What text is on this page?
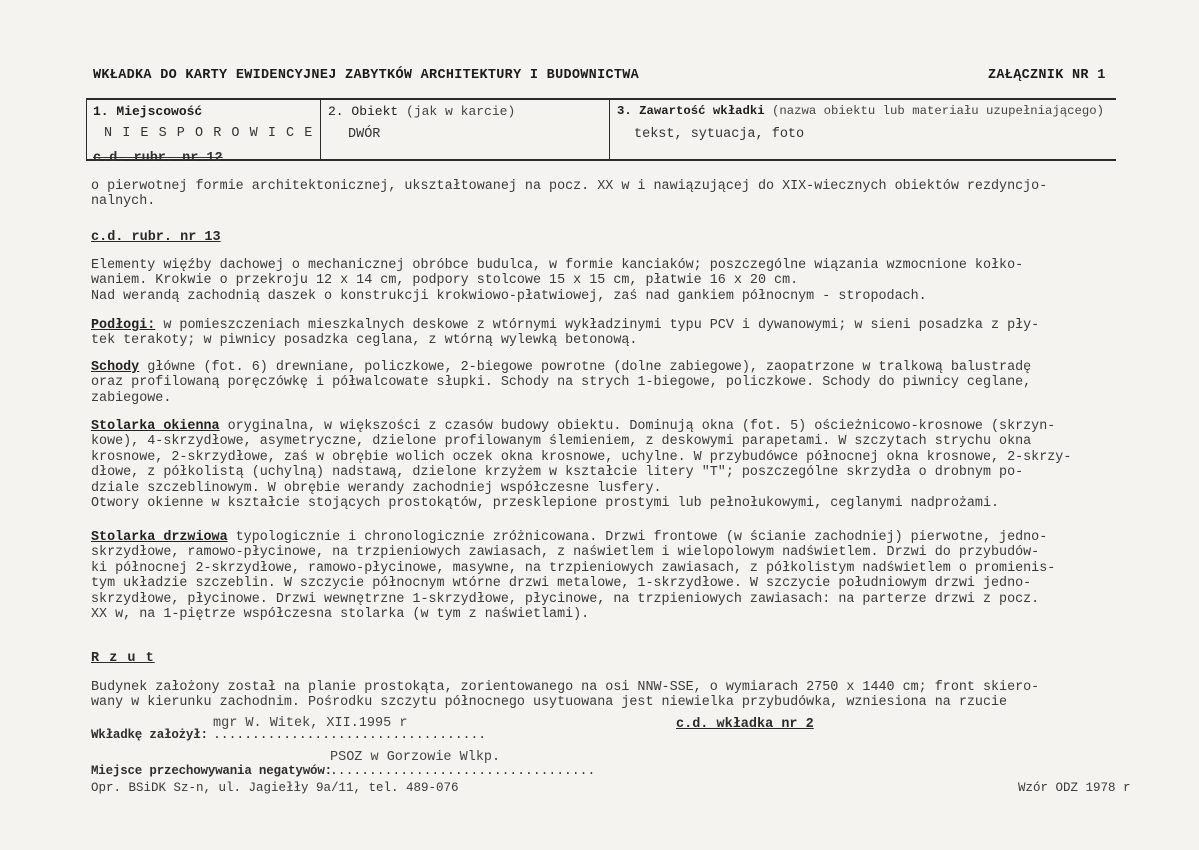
WKŁADKA DO KARTY EWIDENCYJNEJ ZABYTKÓW ARCHITEKTURY I BUDOWNICTWA	ZAŁĄCZNIK NR 1
1. Miejscowość
N I E S P O R O W I C E
2. Obiekt (jak w karcie)
DWÓR
3. Zawartość wkładki (nazwa obiektu lub materiału uzupełniającego)
tekst, sytuacja, foto
c.d. rubr. nr 12
o pierwotnej formie architektonicznej, ukształtowanej na pocz. XX w i nawiązującej do XIX-wiecznych obiektów rezdyncjo-
nalnych.
c.d. rubr. nr 13
Elementy więźby dachowej o mechanicznej obróbce budulca, w formie kanciaków; poszczególne wiązania wzmocnione kołko-
waniem. Krokwie o przekroju 12 x 14 cm, podpory stolcowe 15 x 15 cm, płatwie 16 x 20 cm.
Nad werandą zachodnią daszek o konstrukcji krokwiowo-płatwiowej, zaś nad gankiem północnym - stropodach.
Podłogi: w pomieszczeniach mieszkalnych deskowe z wtórnymi wykładzinymi typu PCV i dywanowymi; w sieni posadzka z pły-
tek terakoty; w piwnicy posadzka ceglana, z wtórną wylewką betonową.
Schody główne (fot. 6) drewniane, policzkowe, 2-biegowe powrotne (dolne zabiegowe), zaopatrzone w tralkową balustradę
oraz profilowaną poręczówkę i półwalcowate słupki. Schody na strych 1-biegowe, policzkowe. Schody do piwnicy ceglane,
zabiegowe.
Stolarka okienna oryginalna, w większości z czasów budowy obiektu. Dominują okna (fot. 5) ościeżnicowo-krosnowe (skrzyn-
kowe), 4-skrzydłowe, asymetryczne, dzielone profilowanym ślemieniem, z deskowymi parapetami. W szczytach strychu okna
krosnowe, 2-skrzydłowe, zaś w obrębie wolich oczek okna krosnowe, uchylne. W przybudówce północnej okna krosnowe, 2-skrzy-
dłowe, z półkolistą (uchylną) nadstawą, dzielone krzyżem w kształcie litery "T"; poszczególne skrzydła o drobnym po-
dziale szczeblinowym. W obrębie werandy zachodniej współczesne lusfery.
Otwory okienne w kształcie stojących prostokątów, przesklepione prostymi lub pełnołukowymi, ceglanymi nadprożami.
Stolarka drzwiowa typologicznie i chronologicznie zróżnicowana. Drzwi frontowe (w ścianie zachodniej) pierwotne, jedno-
skrzydłowe, ramowo-płycinowe, na trzpieniowych zawiasach, z naświetlem i wielopolowym nadświetlem. Drzwi do przybudów-
ki północnej 2-skrzydłowe, ramowo-płycinowe, masywne, na trzpieniowych zawiasach, z półkolistym nadświetlem o promienis-
tym układzie szczeblin. W szczycie północnym wtórne drzwi metalowe, 1-skrzydłowe. W szczycie południowym drzwi jedno-
skrzydłowe, płycinowe. Drzwi wewnętrzne 1-skrzydłowe, płycinowe, na trzpieniowych zawiasach: na parterze drzwi z pocz.
XX w, na 1-piętrze współczesna stolarka (w tym z naświetlami).
R z u t
Budynek założony został na planie prostokąta, zorientowanego na osi NNW-SSE, o wymiarach 2750 x 1440 cm; front skiero-
wany w kierunku zachodnim. Pośrodku szczytu północnego usytuowana jest niewielka przybudówka, wzniesiona na rzucie
mgr W. Witek, XII.1995 r
Wkładkę założył: ...................................
c.d. wkładka nr 2
PSOZ w Gorzowie Wlkp.
Miejsce przechowywania negatywów:
..................................
Opr. BSiDK Sz-n, ul. Jagiełły 9a/11, tel. 489-076	Wzór ODZ 1978 r
